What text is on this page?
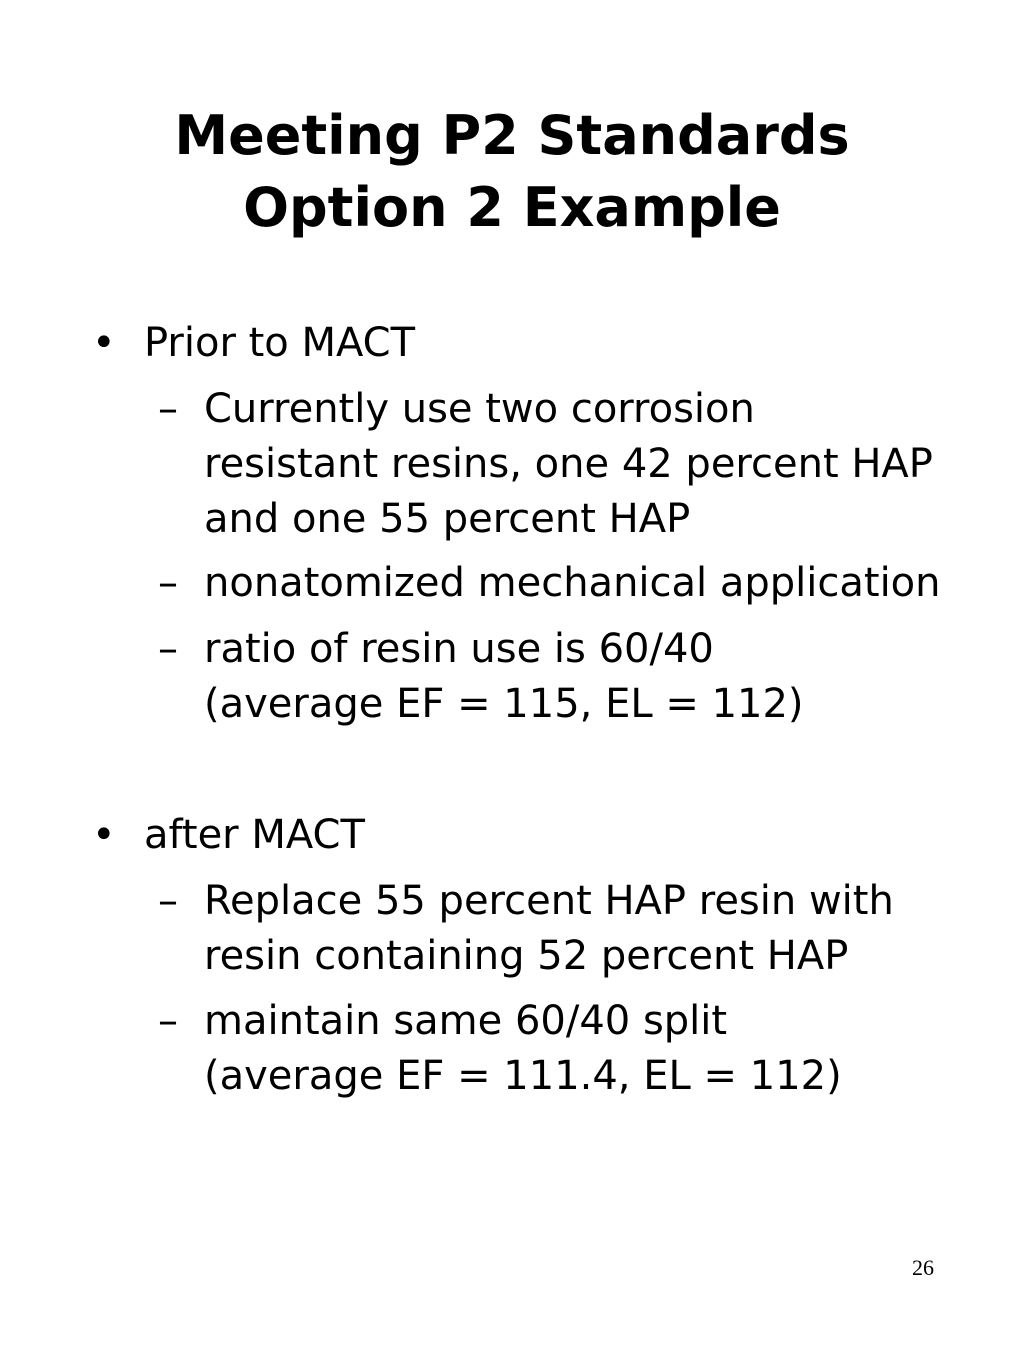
Meeting P2 Standards
Option 2 Example
• Prior to MACT
– Currently use two corrosion
resistant resins, one 42 percent HAP
and one 55 percent HAP
– nonatomized mechanical application
– ratio of resin use is 60/40
(average EF = 115, EL = 112)
• after MACT
– Replace 55 percent HAP resin with
resin containing 52 percent HAP
– maintain same 60/40 split
(average EF = 111.4, EL = 112)
26
